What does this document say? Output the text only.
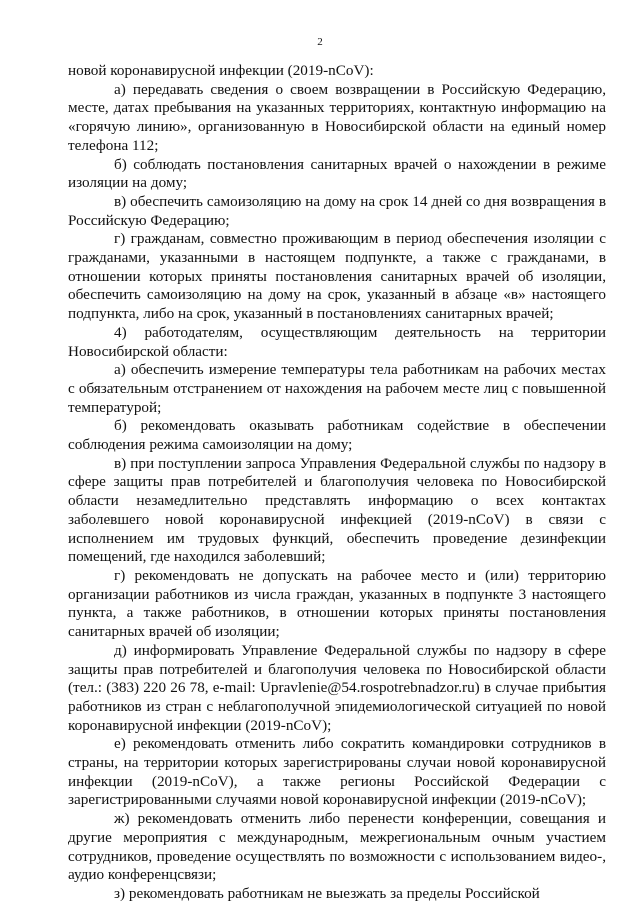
2

новой коронавирусной инфекции (2019-nCoV):

а) передавать сведения о своем возвращении в Российскую Федерацию, месте, датах пребывания на указанных территориях, контактную информацию на «горячую линию», организованную в Новосибирской области на единый номер телефона 112;

б) соблюдать постановления санитарных врачей о нахождении в режиме изоляции на дому;

в) обеспечить самоизоляцию на дому на срок 14 дней со дня возвращения в Российскую Федерацию;

г) гражданам, совместно проживающим в период обеспечения изоляции с гражданами, указанными в настоящем подпункте, а также с гражданами, в отношении которых приняты постановления санитарных врачей об изоляции, обеспечить самоизоляцию на дому на срок, указанный в абзаце «в» настоящего подпункта, либо на срок, указанный в постановлениях санитарных врачей;

4) работодателям, осуществляющим деятельность на территории Новосибирской области:

а) обеспечить измерение температуры тела работникам на рабочих местах с обязательным отстранением от нахождения на рабочем месте лиц с повышенной температурой;

б) рекомендовать оказывать работникам содействие в обеспечении соблюдения режима самоизоляции на дому;

в) при поступлении запроса Управления Федеральной службы по надзору в сфере защиты прав потребителей и благополучия человека по Новосибирской области незамедлительно представлять информацию о всех контактах заболевшего новой коронавирусной инфекцией (2019-nCoV) в связи с исполнением им трудовых функций, обеспечить проведение дезинфекции помещений, где находился заболевший;

г) рекомендовать не допускать на рабочее место и (или) территорию организации работников из числа граждан, указанных в подпункте 3 настоящего пункта, а также работников, в отношении которых приняты постановления санитарных врачей об изоляции;

д) информировать Управление Федеральной службы по надзору в сфере защиты прав потребителей и благополучия человека по Новосибирской области (тел.: (383) 220 26 78, e-mail: Upravlenie@54.rospotrebnadzor.ru) в случае прибытия работников из стран с неблагополучной эпидемиологической ситуацией по новой коронавирусной инфекции (2019-nCoV);

е) рекомендовать отменить либо сократить командировки сотрудников в страны, на территории которых зарегистрированы случаи новой коронавирусной инфекции (2019-nCoV), а также регионы Российской Федерации с зарегистрированными случаями новой коронавирусной инфекции (2019-nCoV);

ж) рекомендовать отменить либо перенести конференции, совещания и другие мероприятия с международным, межрегиональным очным участием сотрудников, проведение осуществлять по возможности с использованием видео-, аудио конференцсвязи;

з) рекомендовать работникам не выезжать за пределы Российской
